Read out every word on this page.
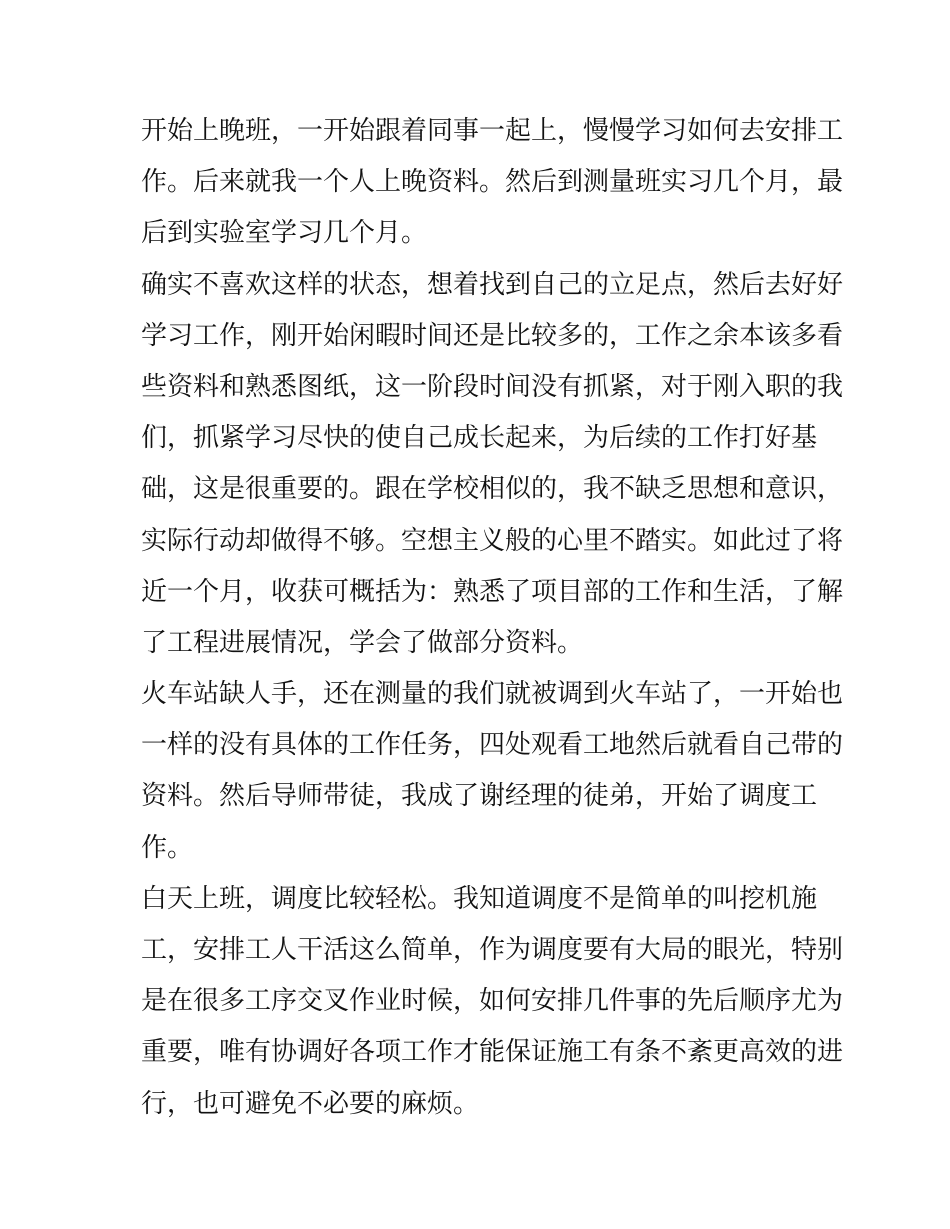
开始上晚班，一开始跟着同事一起上，慢慢学习如何去安排工
作。后来就我一个人上晚资料。然后到测量班实习几个月，最
后到实验室学习几个月。
确实不喜欢这样的状态，想着找到自己的立足点，然后去好好
学习工作，刚开始闲暇时间还是比较多的，工作之余本该多看
些资料和熟悉图纸，这一阶段时间没有抓紧，对于刚入职的我
们，抓紧学习尽快的使自己成长起来，为后续的工作打好基
础，这是很重要的。跟在学校相似的，我不缺乏思想和意识，
实际行动却做得不够。空想主义般的心里不踏实。如此过了将
近一个月，收获可概括为：熟悉了项目部的工作和生活，了解
了工程进展情况，学会了做部分资料。
火车站缺人手，还在测量的我们就被调到火车站了，一开始也
一样的没有具体的工作任务，四处观看工地然后就看自己带的
资料。然后导师带徒，我成了谢经理的徒弟，开始了调度工
作。
白天上班，调度比较轻松。我知道调度不是简单的叫挖机施
工，安排工人干活这么简单，作为调度要有大局的眼光，特别
是在很多工序交叉作业时候，如何安排几件事的先后顺序尤为
重要，唯有协调好各项工作才能保证施工有条不紊更高效的进
行，也可避免不必要的麻烦。
